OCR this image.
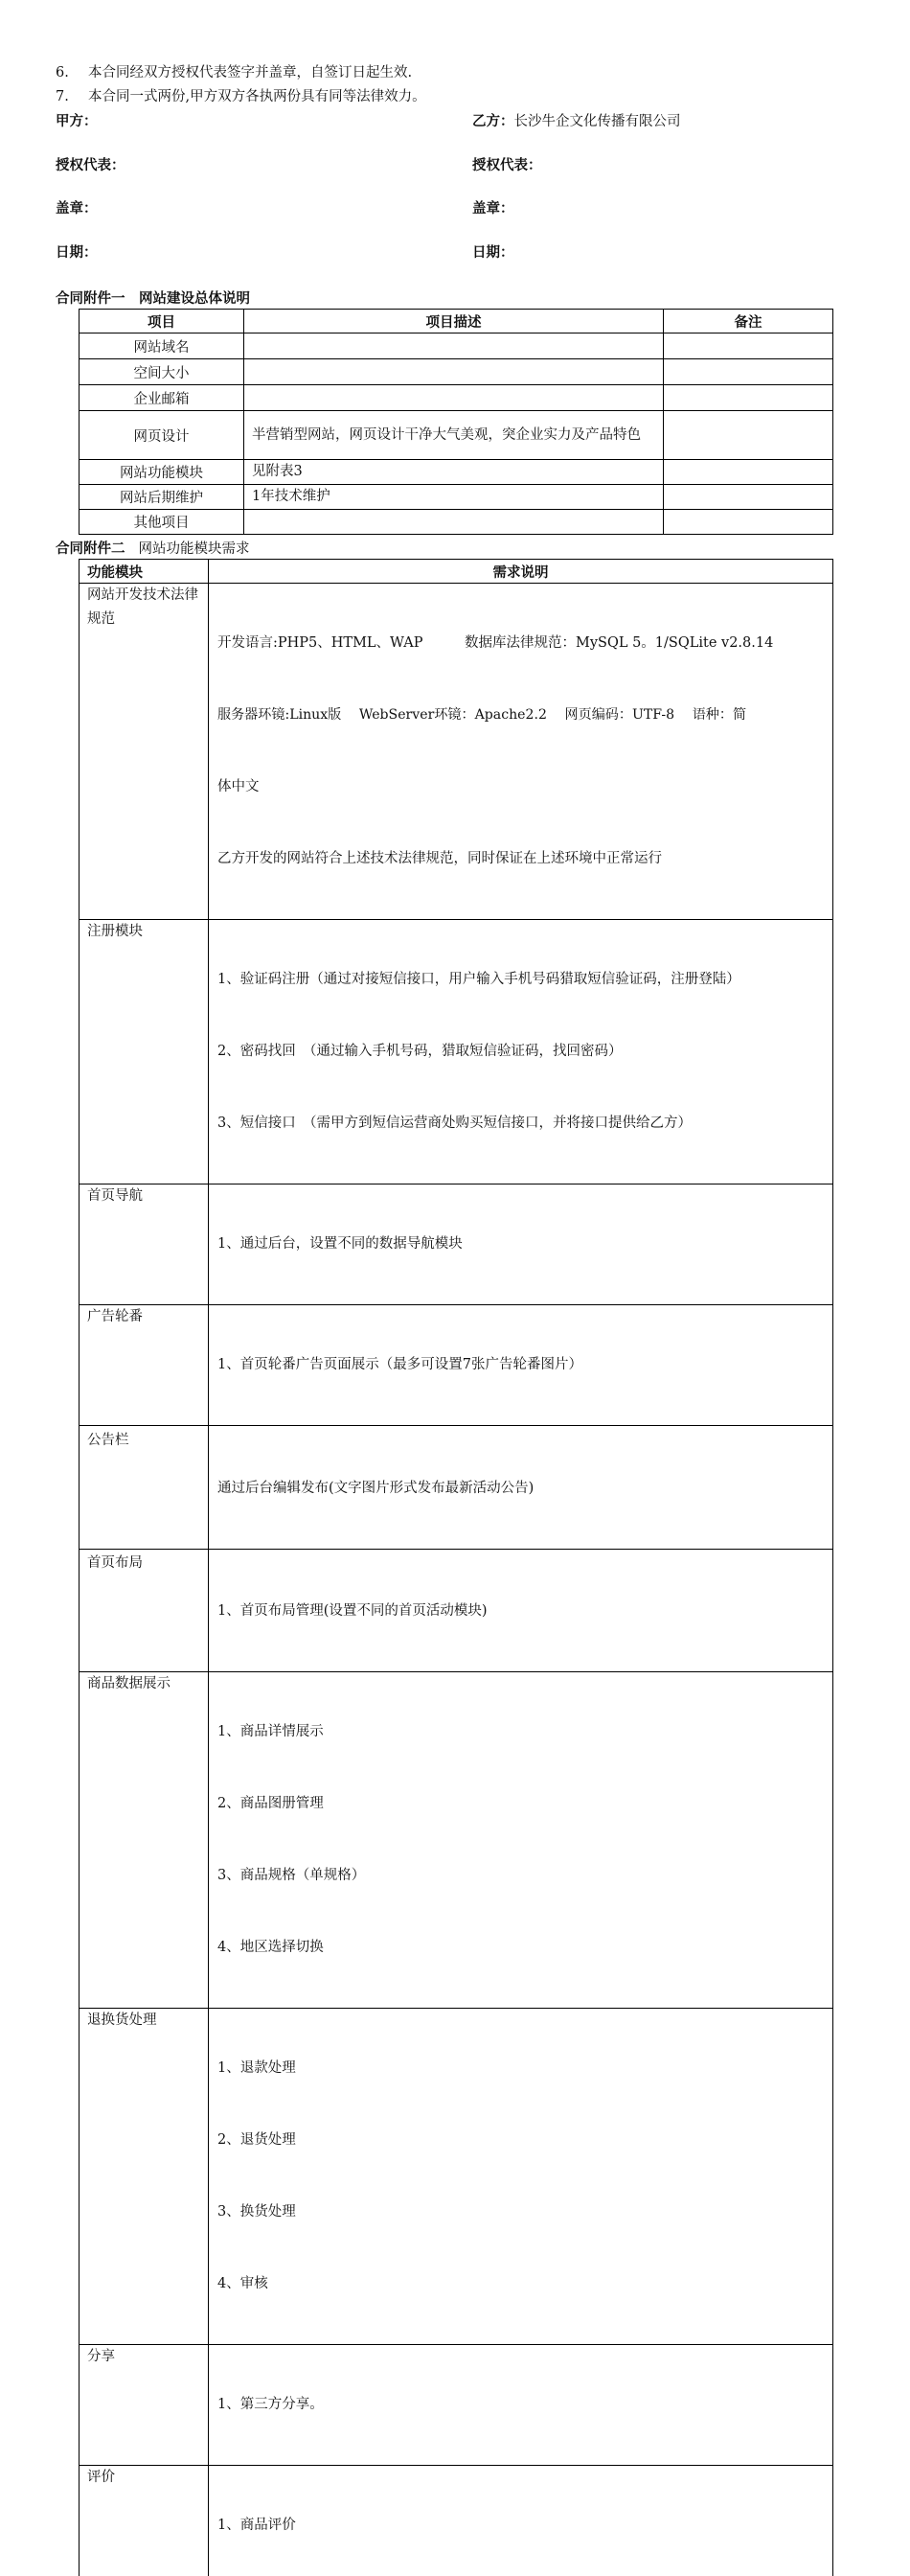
6. 本合同经双方授权代表签字并盖章，自签订日起生效.
7. 本合同一式两份,甲方双方各执两份具有同等法律效力。
甲方：	乙方：长沙牛企文化传播有限公司
授权代表：	授权代表：
盖章：	盖章：
日期：	日期：
合同附件一　网站建设总体说明
项目	项目描述	备注
网站域名		
空间大小		
企业邮箱		
网页设计	半营销型网站，网页设计干净大气美观，突企业实力及产品特色	
网站功能模块	见附表3	
网站后期维护	1年技术维护	
其他项目		
合同附件二 网站功能模块需求
功能模块	需求说明
网站开发技术法律规范	开发语言:PHP5、HTML、WAP　　　数据库法律规范：MySQL 5。1/SQLite v2.8.14

服务器环镜:Linux版　 WebServer环镜：Apache2.2　 网页编码：UTF-8　 语种：简

体中文

乙方开发的网站符合上述技术法律规范，同时保证在上述环境中正常运行

注册模块	1、验证码注册（通过对接短信接口，用户输入手机号码猎取短信验证码，注册登陆）

2、密码找回　（通过输入手机号码，猎取短信验证码，找回密码）

3、短信接口　（需甲方到短信运营商处购买短信接口，并将接口提供给乙方）

首页导航	1、通过后台，设置不同的数据导航模块

广告轮番	1、首页轮番广告页面展示（最多可设置7张广告轮番图片）

公告栏	通过后台编辑发布(文字图片形式发布最新活动公告)

首页布局	1、首页布局管理(设置不同的首页活动模块)

商品数据展示	1、商品详情展示

2、商品图册管理

3、商品规格（单规格）

4、地区选择切换

退换货处理	1、退款处理

2、退货处理

3、换货处理

4、审核

分享	1、第三方分享。

评价	1、商品评价
